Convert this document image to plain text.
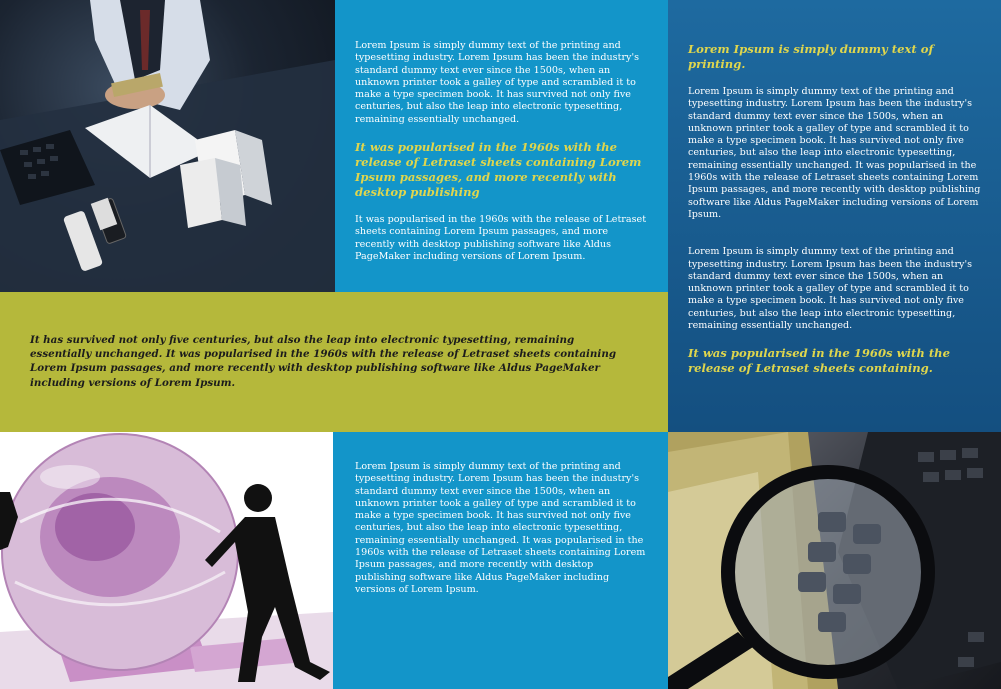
Lorem Ipsum is simply dummy text of the printing and typesetting industry. Lorem Ipsum has been the industry's standard dummy text ever since the 1500s, when an unknown printer took a galley of type and scrambled it to make a type specimen book. It has survived not only five centuries, but also the leap into electronic typesetting, remaining essentially unchanged.

It was popularised in the 1960s with the release of Letraset sheets containing Lorem Ipsum passages, and more recently with desktop publishing

It was popularised in the 1960s with the release of Letraset sheets containing Lorem Ipsum passages, and more recently with desktop publishing software like Aldus PageMaker including versions of Lorem Ipsum.

Lorem Ipsum is simply dummy text of printing.

Lorem Ipsum is simply dummy text of the printing and typesetting industry. Lorem Ipsum has been the industry's standard dummy text ever since the 1500s, when an unknown printer took a galley of type and scrambled it to make a type specimen book. It has survived not only five centuries, but also the leap into electronic typesetting, remaining essentially unchanged. It was popularised in the 1960s with the release of Letraset sheets containing Lorem Ipsum passages, and more recently with desktop publishing software like Aldus PageMaker including versions of Lorem Ipsum.

Lorem Ipsum is simply dummy text of the printing and typesetting industry. Lorem Ipsum has been the industry's standard dummy text ever since the 1500s, when an unknown printer took a galley of type and scrambled it to make a type specimen book. It has survived not only five centuries, but also the leap into electronic typesetting, remaining essentially unchanged.

It was popularised in the 1960s with the release of Letraset sheets containing.

It has survived not only five centuries, but also the leap into electronic typesetting, remaining essentially unchanged. It was popularised in the 1960s with the release of Letraset sheets containing Lorem Ipsum passages, and more recently with desktop publishing software like Aldus PageMaker including versions of Lorem Ipsum.

Lorem Ipsum is simply dummy text of the printing and typesetting industry. Lorem Ipsum has been the industry's standard dummy text ever since the 1500s, when an unknown printer took a galley of type and scrambled it to make a type specimen book. It has survived not only five centuries, but also the leap into electronic typesetting, remaining essentially unchanged. It was popularised in the 1960s with the release of Letraset sheets containing Lorem Ipsum passages, and more recently with desktop publishing software like Aldus PageMaker including versions of Lorem Ipsum.
